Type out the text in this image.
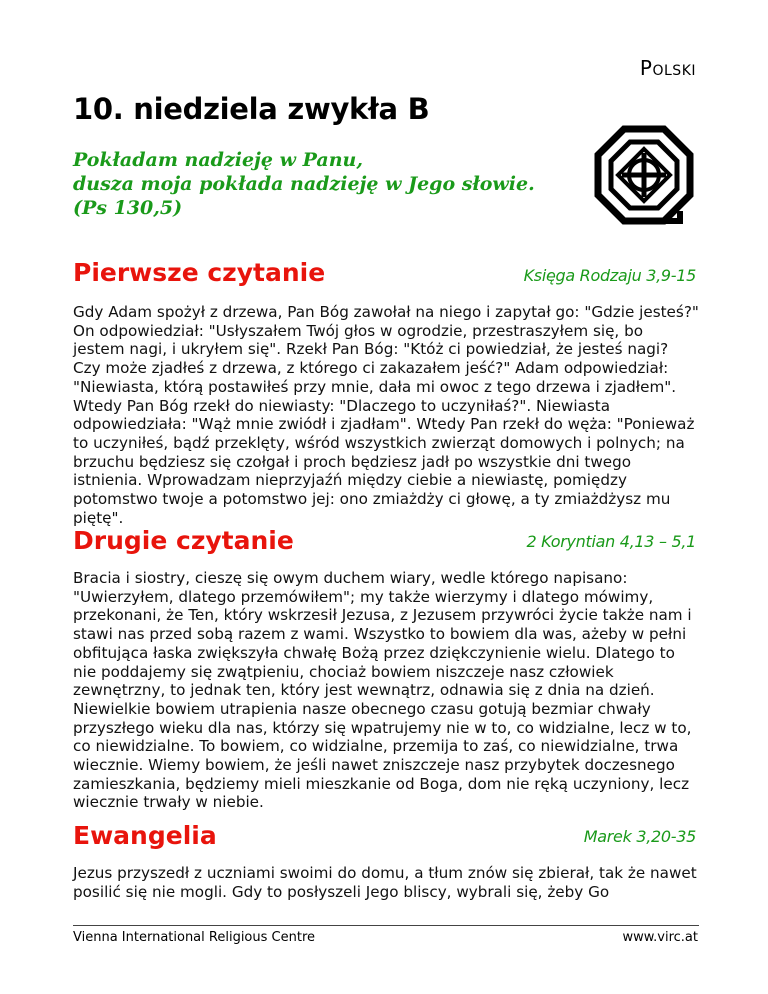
Polski
10. niedziela zwykła B
Pokładam nadzieję w Panu,
dusza moja pokłada nadzieję w Jego słowie.
(Ps 130,5)
Pierwsze czytanie	Księga Rodzaju 3,9-15
Gdy Adam spożył z drzewa, Pan Bóg zawołał na niego i zapytał go: "Gdzie jesteś?" On odpowiedział: "Usłyszałem Twój głos w ogrodzie, przestraszyłem się, bo jestem nagi, i ukryłem się". Rzekł Pan Bóg: "Któż ci powiedział, że jesteś nagi? Czy może zjadłeś z drzewa, z którego ci zakazałem jeść?" Adam odpowiedział: "Niewiasta, którą postawiłeś przy mnie, dała mi owoc z tego drzewa i zjadłem". Wtedy Pan Bóg rzekł do niewiasty: "Dlaczego to uczyniłaś?". Niewiasta odpowiedziała: "Wąż mnie zwiódł i zjadłam". Wtedy Pan rzekł do węża: "Ponieważ to uczyniłeś, bądź przeklęty, wśród wszystkich zwierząt domowych i polnych; na brzuchu będziesz się czołgał i proch będziesz jadł po wszystkie dni twego istnienia. Wprowadzam nieprzyjaźń między ciebie a niewiastę, pomiędzy potomstwo twoje a potomstwo jej: ono zmiażdży ci głowę, a ty zmiażdżysz mu piętę".
Drugie czytanie	2 Koryntian 4,13 – 5,1
Bracia i siostry, cieszę się owym duchem wiary, wedle którego napisano: "Uwierzyłem, dlatego przemówiłem"; my także wierzymy i dlatego mówimy, przekonani, że Ten, który wskrzesił Jezusa, z Jezusem przywróci życie także nam i stawi nas przed sobą razem z wami. Wszystko to bowiem dla was, ażeby w pełni obfitująca łaska zwiększyła chwałę Bożą przez dziękczynienie wielu. Dlatego to nie poddajemy się zwątpieniu, chociaż bowiem niszczeje nasz człowiek zewnętrzny, to jednak ten, który jest wewnątrz, odnawia się z dnia na dzień. Niewielkie bowiem utrapienia nasze obecnego czasu gotują bezmiar chwały przyszłego wieku dla nas, którzy się wpatrujemy nie w to, co widzialne, lecz w to, co niewidzialne. To bowiem, co widzialne, przemija to zaś, co niewidzialne, trwa wiecznie. Wiemy bowiem, że jeśli nawet zniszczeje nasz przybytek doczesnego zamieszkania, będziemy mieli mieszkanie od Boga, dom nie ręką uczyniony, lecz wiecznie trwały w niebie.
Ewangelia	Marek 3,20-35
Jezus przyszedł z uczniami swoimi do domu, a tłum znów się zbierał, tak że nawet posilić się nie mogli. Gdy to posłyszeli Jego bliscy, wybrali się, żeby Go
Vienna International Religious Centre	www.virc.at
